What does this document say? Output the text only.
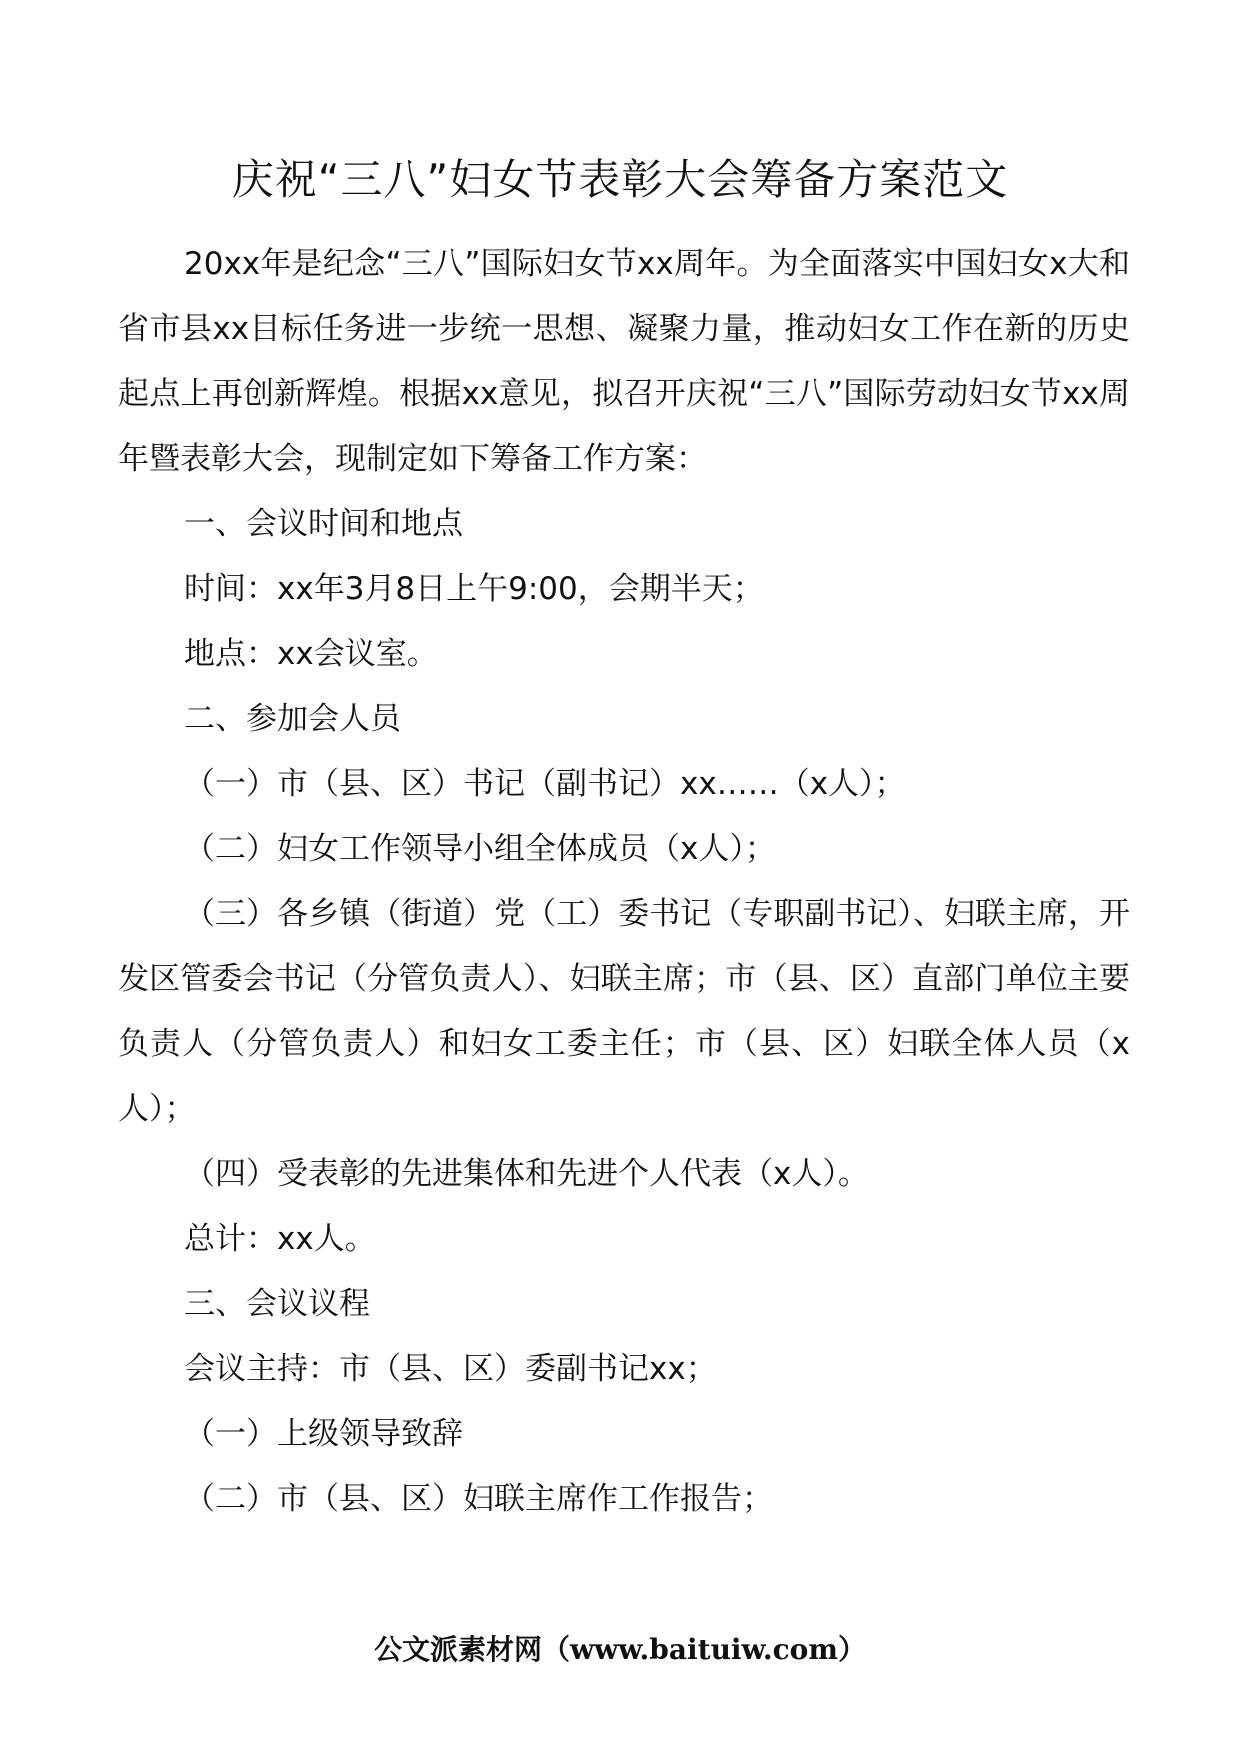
庆祝“三八”妇女节表彰大会筹备方案范文

20xx年是纪念“三八”国际妇女节xx周年。为全面落实中国妇女x大和省市县xx目标任务进一步统一思想、凝聚力量，推动妇女工作在新的历史起点上再创新辉煌。根据xx意见，拟召开庆祝“三八”国际劳动妇女节xx周年暨表彰大会，现制定如下筹备工作方案：

一、会议时间和地点

时间：xx年3月8日上午9:00，会期半天；

地点：xx会议室。

二、参加会人员

（一）市（县、区）书记（副书记）xx……（x人）；

（二）妇女工作领导小组全体成员（x人）；

（三）各乡镇（街道）党（工）委书记（专职副书记）、妇联主席，开发区管委会书记（分管负责人）、妇联主席；市（县、区）直部门单位主要负责人（分管负责人）和妇女工委主任；市（县、区）妇联全体人员（x人）；

（四）受表彰的先进集体和先进个人代表（x人）。

总计：xx人。

三、会议议程

会议主持：市（县、区）委副书记xx；

（一）上级领导致辞

（二）市（县、区）妇联主席作工作报告；

公文派素材网（www.baituiw.com）
